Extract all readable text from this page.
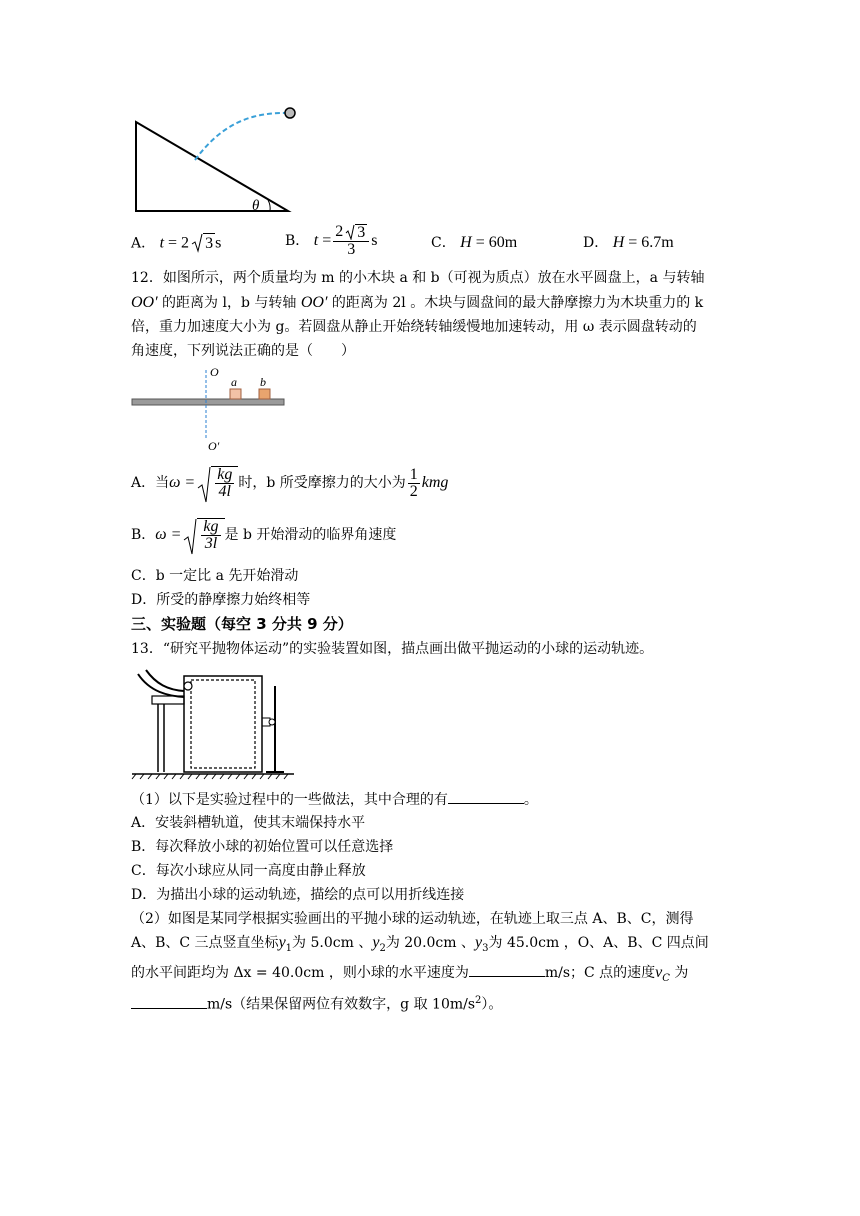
θ
A． t = 2 3 s	B． $t = \frac{2 3}{3}$ s	C． H = 60m	D． H = 6.7m
12．如图所示，两个质量均为 m 的小木块 a 和 b（可视为质点）放在水平圆盘上，a 与转轴
OO′ 的距离为 l，b 与转轴 OO′ 的距离为 2l 。木块与圆盘间的最大静摩擦力为木块重力的 k
倍，重力加速度大小为 g。若圆盘从静止开始绕转轴缓慢地加速转动，用 ω 表示圆盘转动的
角速度，下列说法正确的是（　　）
O
a b
O′
A．当$\omega = \frac{kg}{4l}$ 时，b 所受摩擦力的大小为 $\frac{1}{2}$ kmg
B．$\omega = \frac{kg}{3l}$ 是 b 开始滑动的临界角速度
C．b 一定比 a 先开始滑动
D．所受的静摩擦力始终相等
三、实验题（每空 3 分共 9 分）
13．“研究平抛物体运动”的实验装置如图，描点画出做平抛运动的小球的运动轨迹。
（1）以下是实验过程中的一些做法，其中合理的有	。
A．安装斜槽轨道，使其末端保持水平
B．每次释放小球的初始位置可以任意选择
C．每次小球应从同一高度由静止释放
D．为描出小球的运动轨迹，描绘的点可以用折线连接
（2）如图是某同学根据实验画出的平抛小球的运动轨迹，在轨迹上取三点 A、B、C，测得
A、B、C 三点竖直坐标$y_1$为 5.0cm 、$y_2$为 20.0cm 、$y_3$为 45.0cm ，O、A、B、C 四点间
的水平间距均为 Δx = 40.0cm ，则小球的水平速度为	m/s；C 点的速度$v_C$ 为
m/s（结果保留两位有效数字，g 取 $10m/s^2$）。
